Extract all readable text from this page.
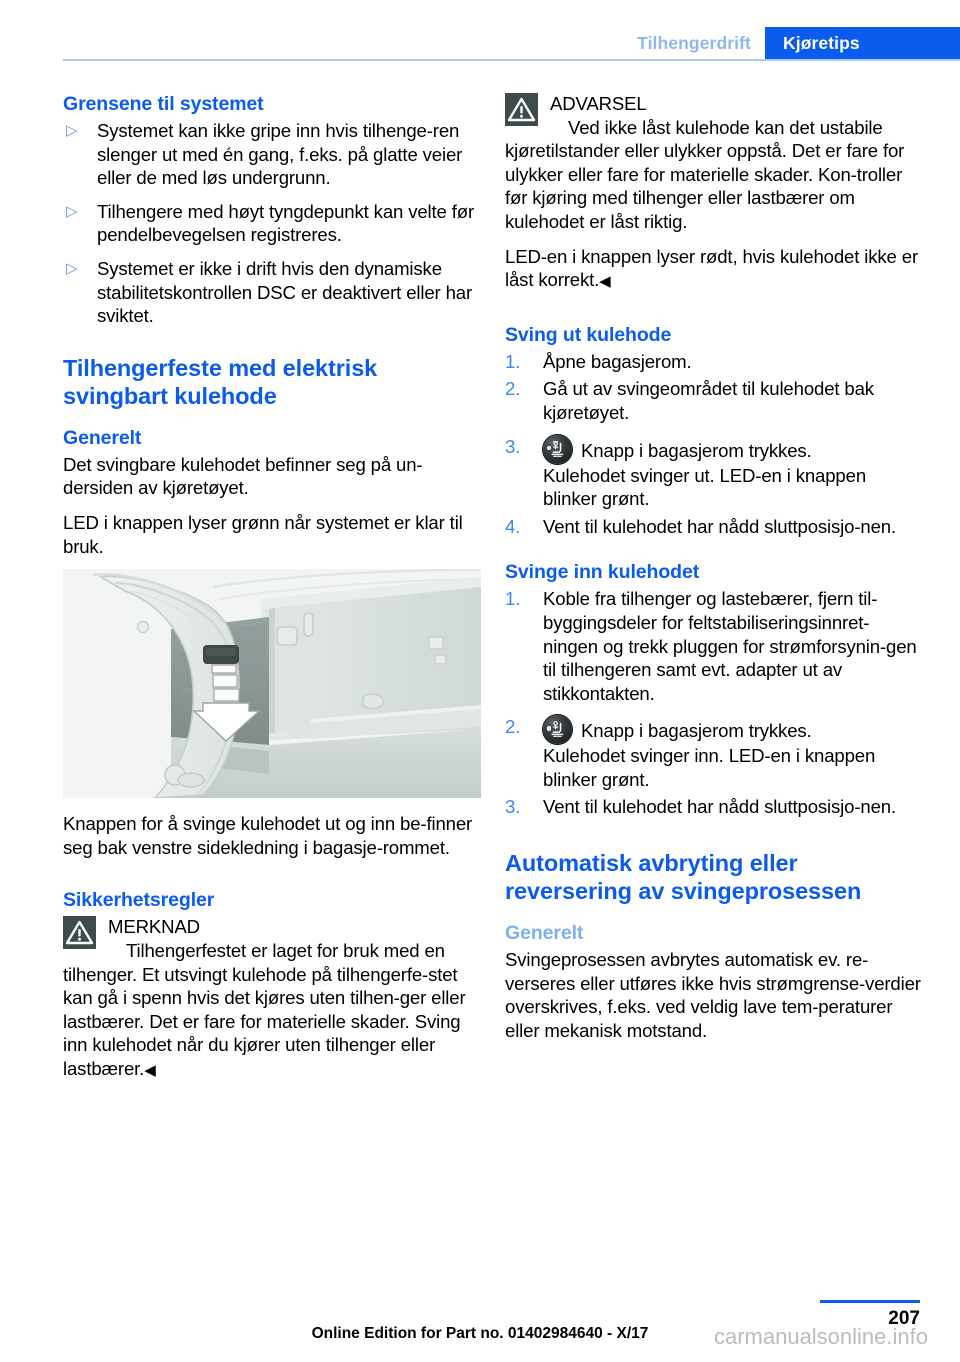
Tilhengerdrift	Kjøretips
Grensene til systemet
▷ Systemet kan ikke gripe inn hvis tilhenge-ren slenger ut med én gang, f.eks. på glatte veier eller de med løs undergrunn.
▷ Tilhengere med høyt tyngdepunkt kan velte før pendelbevegelsen registreres.
▷ Systemet er ikke i drift hvis den dynamiske stabilitetskontrollen DSC er deaktivert eller har sviktet.
Tilhengerfeste med elektrisk svingbart kulehode
Generelt

Det svingbare kulehodet befinner seg på un-dersiden av kjøretøyet.

LED i knappen lyser grønn når systemet er klar til bruk.

Knappen for å svinge kulehodet ut og inn be-finner seg bak venstre sidekledning i bagasje-rommet.

Sikkerhetsregler
MERKNAD
Tilhengerfestet er laget for bruk med en tilhenger. Et utsvingt kulehode på tilhengerfe-stet kan gå i spenn hvis det kjøres uten tilhen-ger eller lastbærer. Det er fare for materielle skader. Sving inn kulehodet når du kjører uten tilhenger eller lastbærer.◀
ADVARSEL
Ved ikke låst kulehode kan det ustabile kjøretilstander eller ulykker oppstå. Det er fare for ulykker eller fare for materielle skader. Kon-troller før kjøring med tilhenger eller lastbærer om kulehodet er låst riktig.

LED-en i knappen lyser rødt, hvis kulehodet ikke er låst korrekt.◀

Sving ut kulehode
1. Åpne bagasjerom.
2. Gå ut av svingeområdet til kulehodet bak kjøretøyet.
3.	Knapp i bagasjerom trykkes.

Kulehodet svinger ut. LED-en i knappen blinker grønt.

4. Vent til kulehodet har nådd sluttposisjo-nen.
Svinge inn kulehodet
1. Koble fra tilhenger og lastebærer, fjern til-byggingsdeler for feltstabiliseringsinnret-ningen og trekk pluggen for strømforsynin-gen til tilhengeren samt evt. adapter ut av stikkontakten.
2.	Knapp i bagasjerom trykkes.

Kulehodet svinger inn. LED-en i knappen blinker grønt.

3. Vent til kulehodet har nådd sluttposisjo-nen.
Automatisk avbryting eller reversering av svingeprosessen
Generelt

Svingeprosessen avbrytes automatisk ev. re-verseres eller utføres ikke hvis strømgrense-verdier overskrives, f.eks. ved veldig lave tem-peraturer eller mekanisk motstand.

207
Online Edition for Part no. 01402984640 - X/17	carmanualsonline.info
